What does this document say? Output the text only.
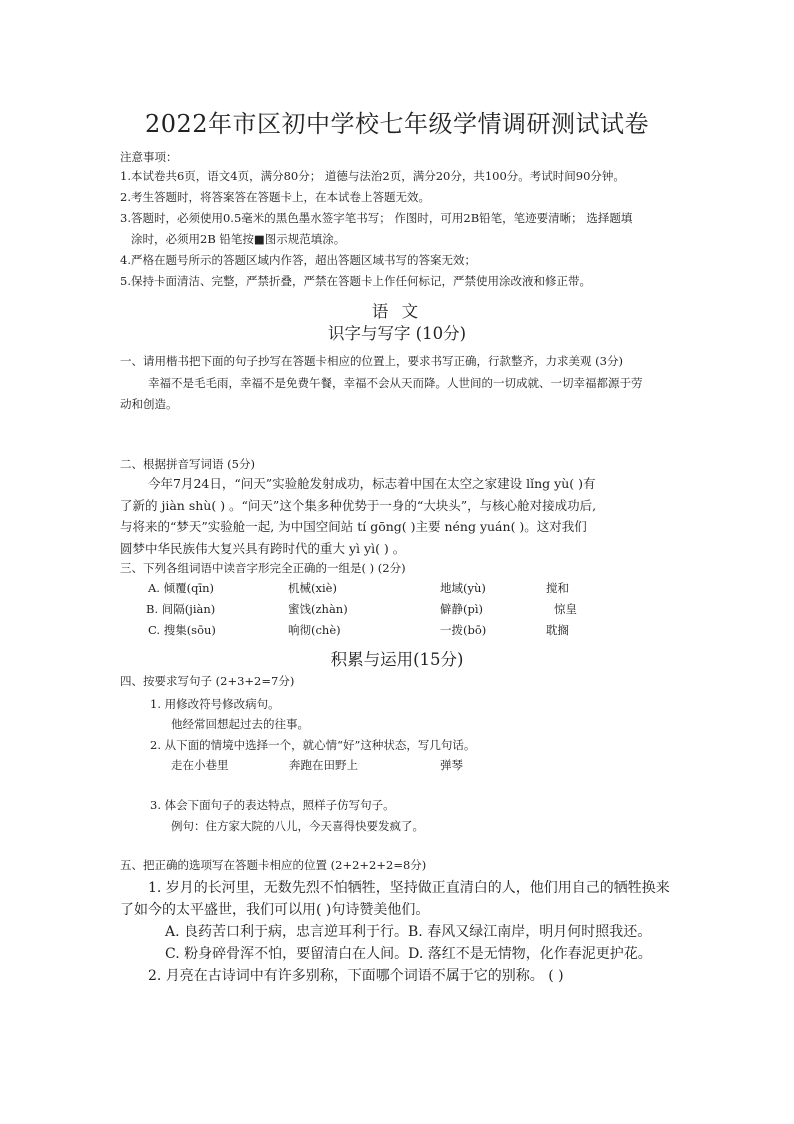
2022年市区初中学校七年级学情调研测试试卷
注意事项：
1.本试卷共6页，语文4页，满分80分； 道德与法治2页，满分20分，共100分。考试时间90分钟。
2.考生答题时，将答案答在答题卡上，在本试卷上答题无效。
3.答题时，必须使用0.5毫米的黑色墨水签字笔书写； 作图时，可用2B铅笔，笔迹要清晰； 选择题填
涂时，必须用2B 铅笔按■图示规范填涂。
4.严格在题号所示的答题区域内作答，超出答题区域书写的答案无效；
5.保持卡面清洁、完整，严禁折叠，严禁在答题卡上作任何标记，严禁使用涂改液和修正带。
语 文
识字与写字 (10分)
一、请用楷书把下面的句子抄写在答题卡相应的位置上，要求书写正确，行款整齐，力求美观 (3分)
幸福不是毛毛雨，幸福不是免费午餐，幸福不会从天而降。人世间的一切成就、一切幸福都源于劳
动和创造。
二、根据拼音写词语 (5分)
今年7月24日，“问天”实验舱发射成功，标志着中国在太空之家建设 lǐng yù( )有
了新的 jiàn shù( ) 。“问天”这个集多种优势于一身的“大块头”，与核心舱对接成功后,
与将来的“梦天”实验舱一起, 为中国空间站 tí gōng( )主要 néng yuán( )。这对我们
圆梦中华民族伟大复兴具有跨时代的重大 yì yì( ) 。
三、下列各组词语中读音字形完全正确的一组是( ) (2分)
A. 倾覆(qīn)	机械(xiè)	地域(yù)	搅和
B. 间隔(jiàn)	蜜饯(zhàn)	僻静(pì)	惊皇
C. 搜集(sōu)	响彻(chè)	一拨(bō)	耽搁
积累与运用(15分)
四、按要求写句子 (2+3+2=7分)
1. 用修改符号修改病句。
他经常回想起过去的往事。
2. 从下面的情境中选择一个，就心情“好”这种状态，写几句话。
走在小巷里	奔跑在田野上	弹琴
3. 体会下面句子的表达特点，照样子仿写句子。
例句：住方家大院的八儿，今天喜得快要发疯了。
五、把正确的选项写在答题卡相应的位置 (2+2+2+2=8分)
1. 岁月的长河里，无数先烈不怕牺牲，坚持做正直清白的人，他们用自己的牺牲换来
了如今的太平盛世，我们可以用( )句诗赞美他们。
A. 良药苦口利于病，忠言逆耳利于行。B. 春风又绿江南岸，明月何时照我还。
C. 粉身碎骨浑不怕，要留清白在人间。D. 落红不是无情物，化作春泥更护花。
2. 月亮在古诗词中有许多别称，下面哪个词语不属于它的别称。 ( )
